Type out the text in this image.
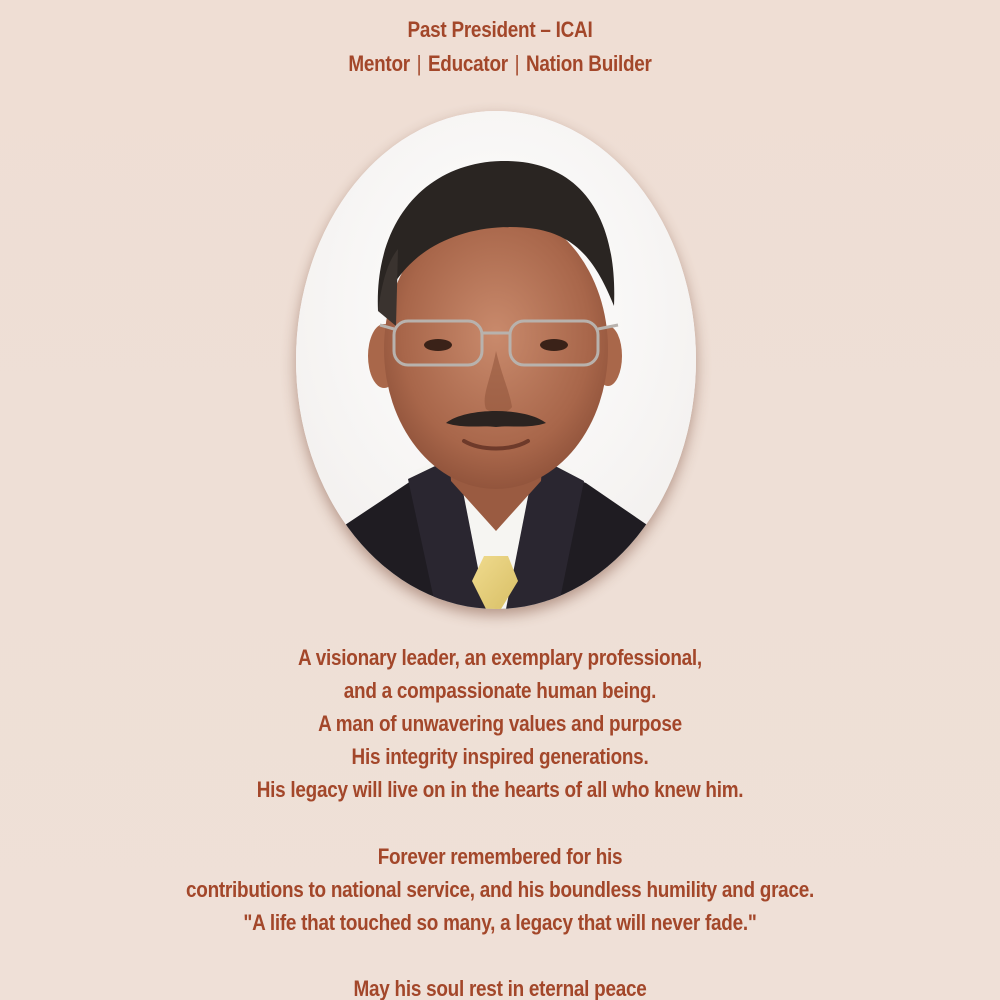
Past President – ICAI
Mentor | Educator | Nation Builder
A visionary leader, an exemplary professional,
and a compassionate human being.
A man of unwavering values and purpose
His integrity inspired generations.
His legacy will live on in the hearts of all who knew him.
Forever remembered for his
contributions to national service, and his boundless humility and grace.
"A life that touched so many, a legacy that will never fade."
May his soul rest in eternal peace
